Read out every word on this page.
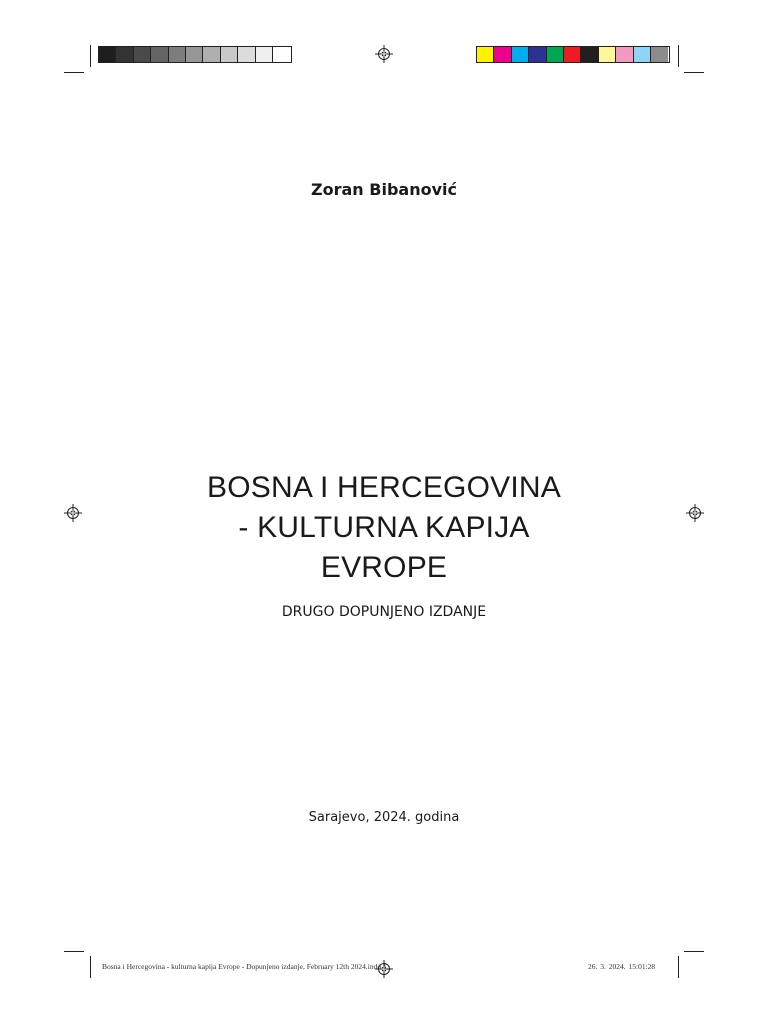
Zoran Bibanović
BOSNA I HERCEGOVINA
- KULTURNA KAPIJA
EVROPE
DRUGO DOPUNJENO IZDANJE
Sarajevo, 2024. godina
Bosna i Hercegovina - kulturna kapija Evrope - Dopunjeno izdanje, February 12th 2024.indd 1	26. 3. 2024. 15:01:28
